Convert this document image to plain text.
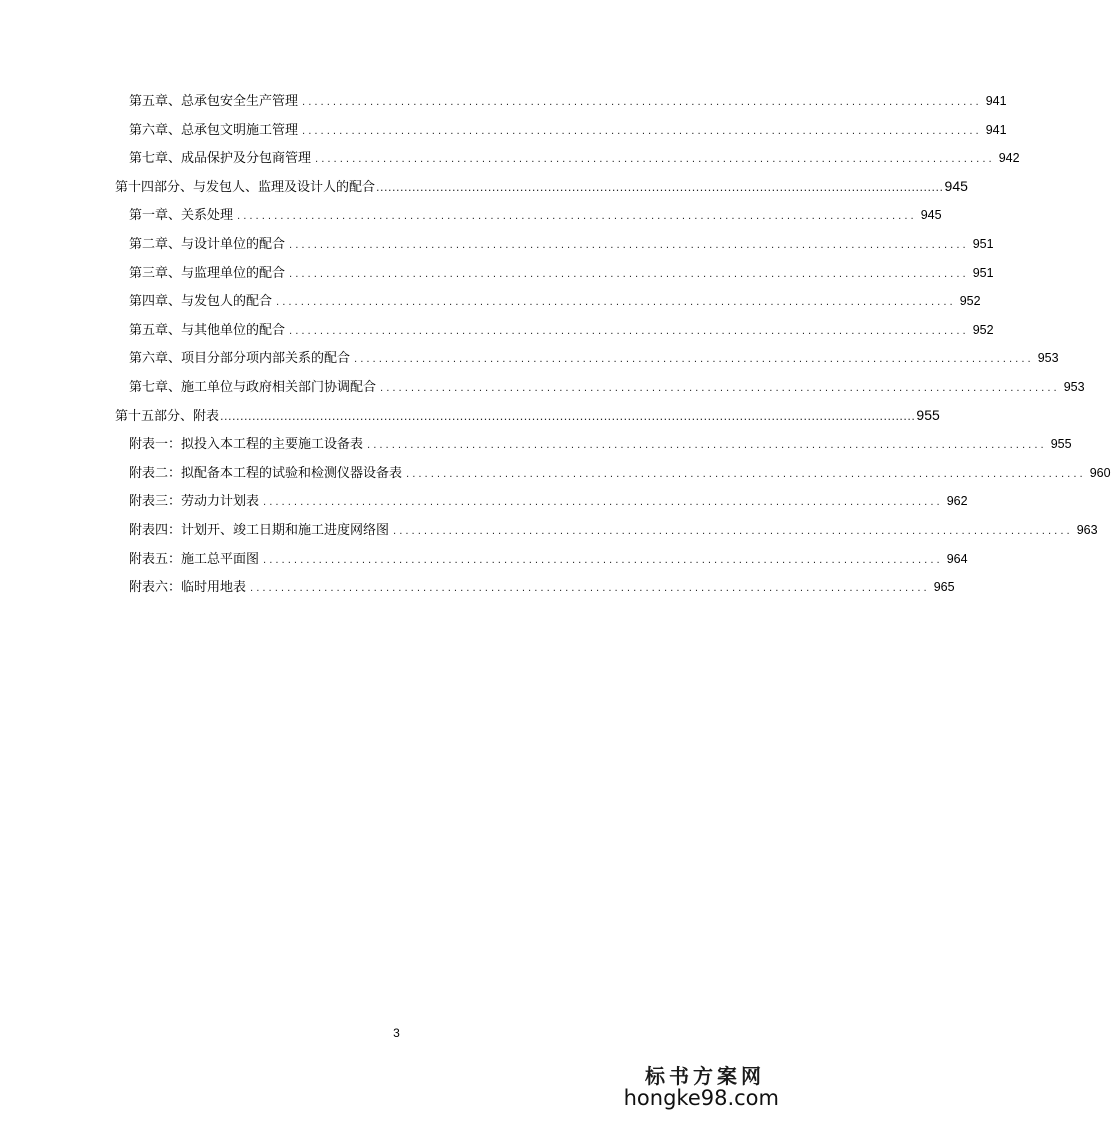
第五章、总承包安全生产管理 .............................................................................................................. 941
第六章、总承包文明施工管理 .............................................................................................................. 941
第七章、成品保护及分包商管理 .............................................................................................................. 942
第十四部分、与发包人、监理及设计人的配合 .............................................................................................................................................. 945
第一章、关系处理 .............................................................................................................. 945
第二章、与设计单位的配合 .............................................................................................................. 951
第三章、与监理单位的配合 .............................................................................................................. 951
第四章、与发包人的配合 .............................................................................................................. 952
第五章、与其他单位的配合 .............................................................................................................. 952
第六章、项目分部分项内部关系的配合 .............................................................................................................. 953
第七章、施工单位与政府相关部门协调配合 .............................................................................................................. 953
第十五部分、附表 .............................................................................................................................................................................. 955
附表一：拟投入本工程的主要施工设备表 .............................................................................................................. 955
附表二：拟配备本工程的试验和检测仪器设备表 .............................................................................................................. 960
附表三：劳动力计划表 .............................................................................................................. 962
附表四：计划开、竣工日期和施工进度网络图 .............................................................................................................. 963
附表五：施工总平面图 .............................................................................................................. 964
附表六：临时用地表 .............................................................................................................. 965
3
标书方案网
hongke98.com
